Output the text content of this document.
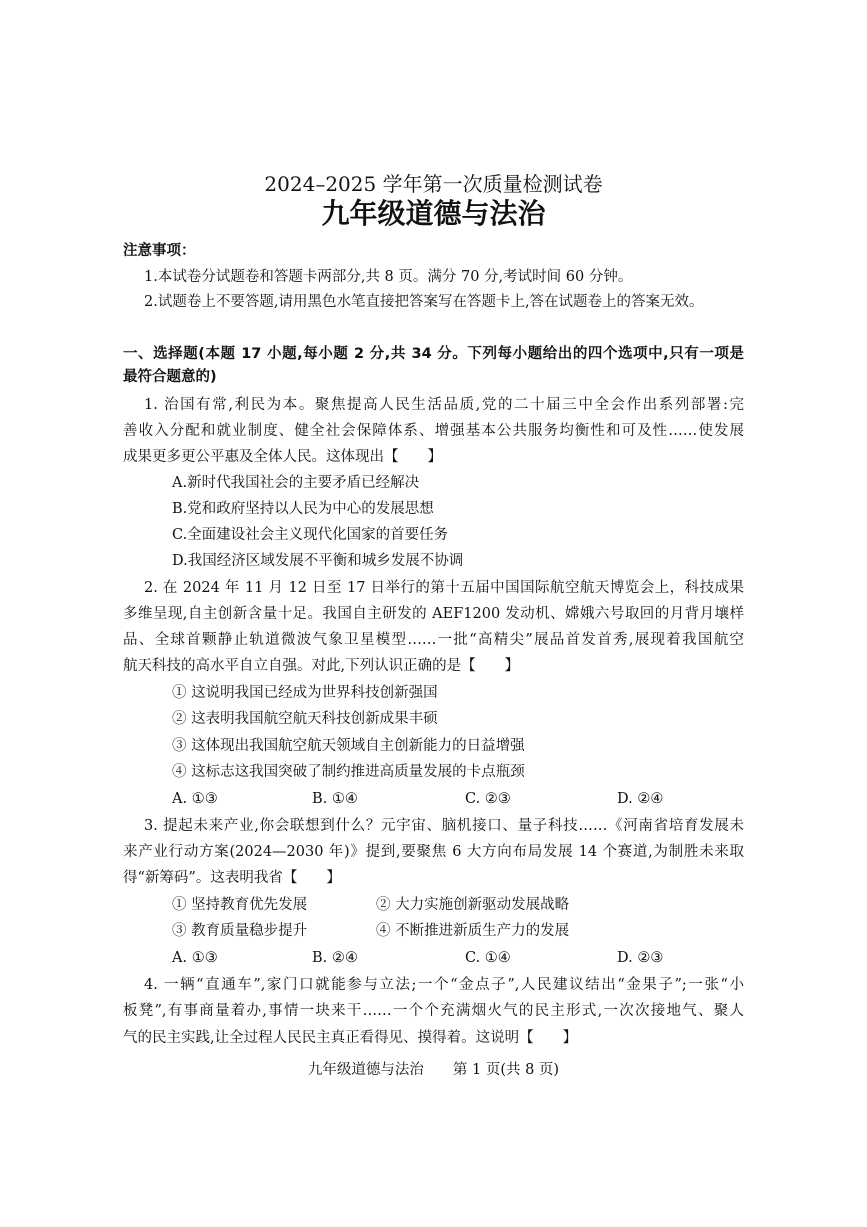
2024–2025 学年第一次质量检测试卷
九年级道德与法治
注意事项：
1.本试卷分试题卷和答题卡两部分,共 8 页。满分 70 分,考试时间 60 分钟。
2.试题卷上不要答题,请用黑色水笔直接把答案写在答题卡上,答在试题卷上的答案无效。
一、选择题(本题 17 小题,每小题 2 分,共 34 分。下列每小题给出的四个选项中,只有一项是
最符合题意的)
1. 治国有常,利民为本。聚焦提高人民生活品质,党的二十届三中全会作出系列部署:完
善收入分配和就业制度、健全社会保障体系、增强基本公共服务均衡性和可及性……使发展
成果更多更公平惠及全体人民。这体现出【　　】
A.新时代我国社会的主要矛盾已经解决
B.党和政府坚持以人民为中心的发展思想
C.全面建设社会主义现代化国家的首要任务
D.我国经济区域发展不平衡和城乡发展不协调
2. 在 2024 年 11 月 12 日至 17 日举行的第十五届中国国际航空航天博览会上，科技成果
多维呈现,自主创新含量十足。我国自主研发的 AEF1200 发动机、嫦娥六号取回的月背月壤样
品、全球首颗静止轨道微波气象卫星模型……一批“高精尖”展品首发首秀,展现着我国航空
航天科技的高水平自立自强。对此,下列认识正确的是【　　】
① 这说明我国已经成为世界科技创新强国
② 这表明我国航空航天科技创新成果丰硕
③ 这体现出我国航空航天领域自主创新能力的日益增强
④ 这标志这我国突破了制约推进高质量发展的卡点瓶颈
A. ①③	B. ①④	C. ②③	D. ②④
3. 提起未来产业,你会联想到什么？元宇宙、脑机接口、量子科技……《河南省培育发展未
来产业行动方案(2024—2030 年)》提到,要聚焦 6 大方向布局发展 14 个赛道,为制胜未来取
得“新筹码”。这表明我省【　　】
① 坚持教育优先发展	② 大力实施创新驱动发展战略
③ 教育质量稳步提升	④ 不断推进新质生产力的发展
A. ①③	B. ②④	C. ①④	D. ②③
4. 一辆“直通车”,家门口就能参与立法;一个“金点子”,人民建议结出“金果子”;一张“小
板凳”,有事商量着办,事情一块来干……一个个充满烟火气的民主形式,一次次接地气、聚人
气的民主实践,让全过程人民民主真正看得见、摸得着。这说明【　　】
九年级道德与法治　　第 1 页(共 8 页)
